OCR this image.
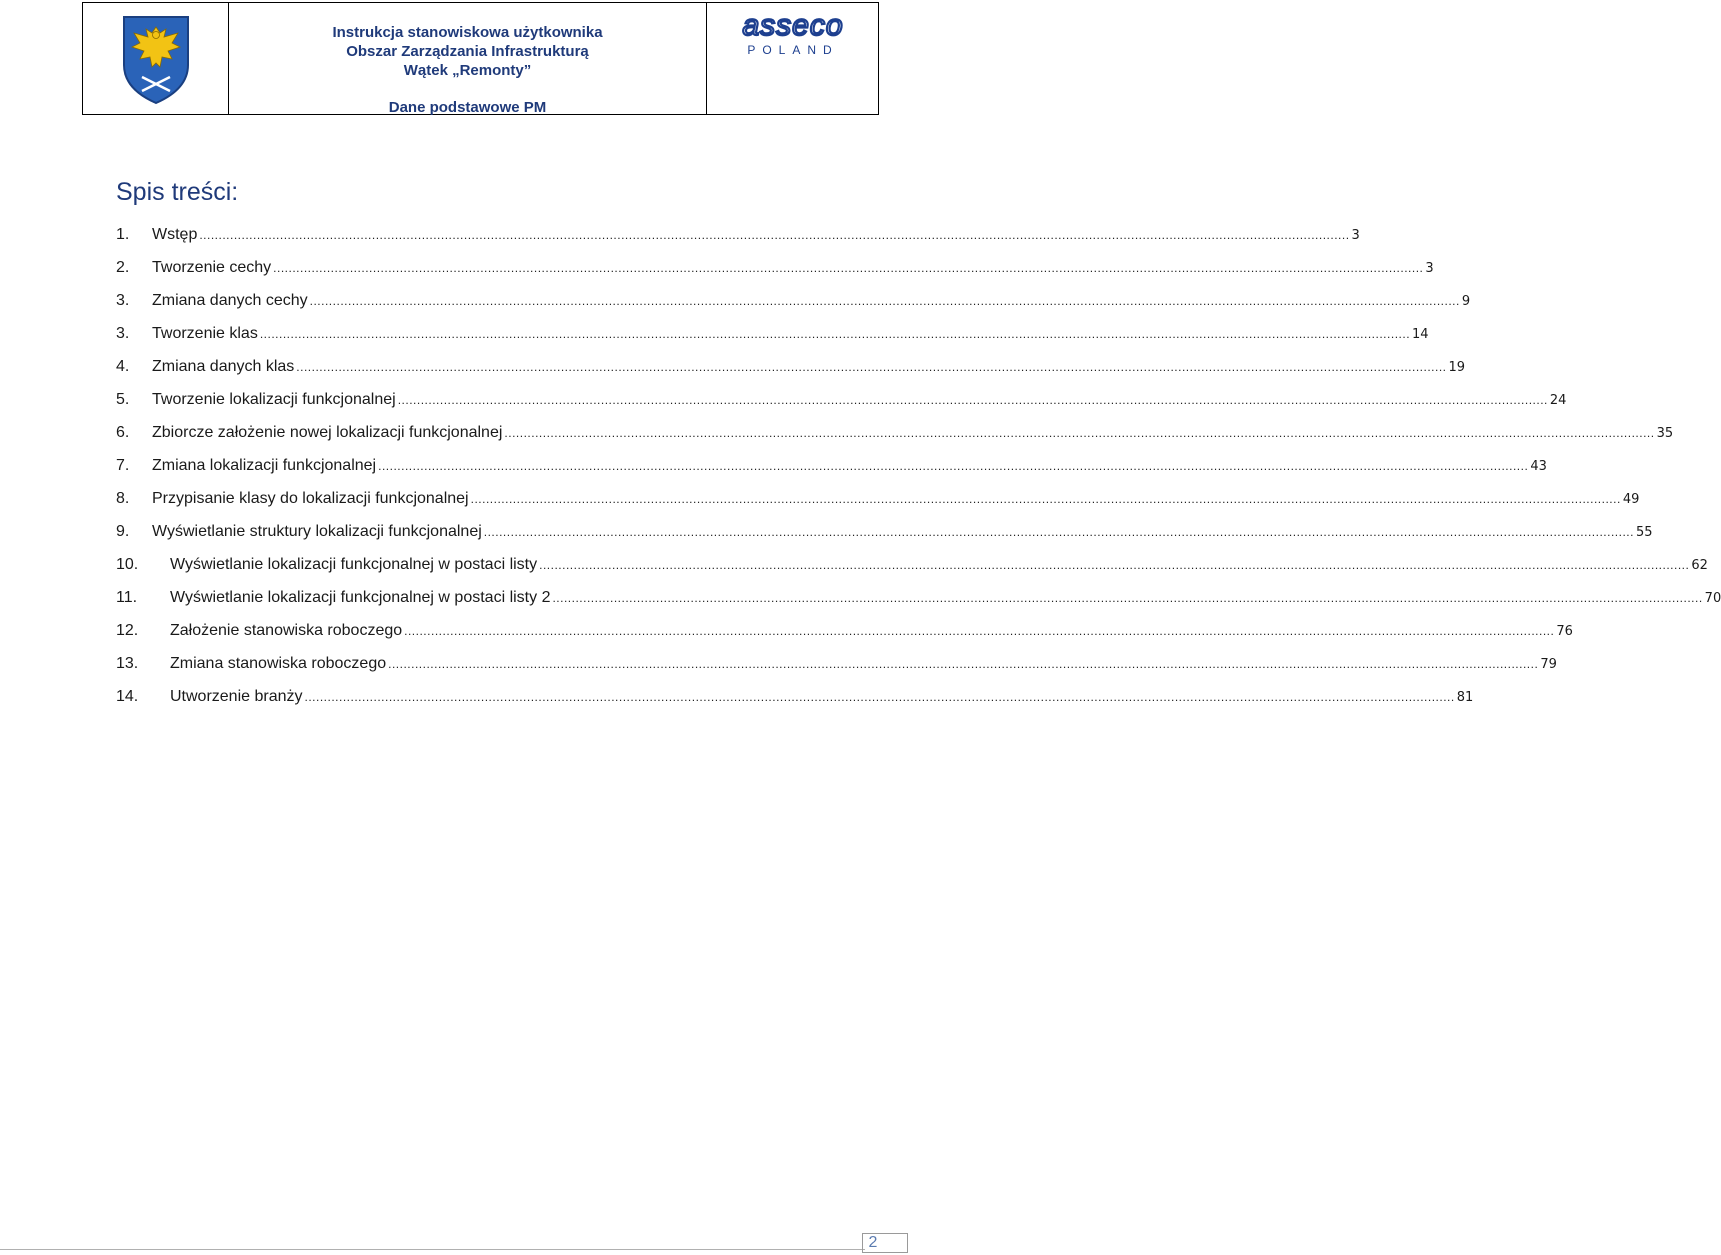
Instrukcja stanowiskowa użytkownika
Obszar Zarządzania Infrastrukturą
Wątek „Remonty”
Dane podstawowe PM
asseco
POLAND
Spis treści:
1.	Wstęp ............................................................................................................................................................................................................................................................................................................ 3
2.	Tworzenie cechy ............................................................................................................................................................................................................................................................................................................ 3
3.	Zmiana danych cechy ............................................................................................................................................................................................................................................................................................................ 9
3.	Tworzenie klas ............................................................................................................................................................................................................................................................................................................ 14
4.	Zmiana danych klas ............................................................................................................................................................................................................................................................................................................ 19
5.	Tworzenie lokalizacji funkcjonalnej ............................................................................................................................................................................................................................................................................................................ 24
6.	Zbiorcze założenie nowej lokalizacji funkcjonalnej ............................................................................................................................................................................................................................................................................................................ 35
7.	Zmiana lokalizacji funkcjonalnej ............................................................................................................................................................................................................................................................................................................ 43
8.	Przypisanie klasy do lokalizacji funkcjonalnej ............................................................................................................................................................................................................................................................................................................ 49
9.	Wyświetlanie struktury lokalizacji funkcjonalnej ............................................................................................................................................................................................................................................................................................................ 55
10.	Wyświetlanie lokalizacji funkcjonalnej w postaci listy ............................................................................................................................................................................................................................................................................................................ 62
11.	Wyświetlanie lokalizacji funkcjonalnej w postaci listy 2 ............................................................................................................................................................................................................................................................................................................ 70
12.	Założenie stanowiska roboczego ............................................................................................................................................................................................................................................................................................................ 76
13.	Zmiana stanowiska roboczego ............................................................................................................................................................................................................................................................................................................ 79
14.	Utworzenie branży ............................................................................................................................................................................................................................................................................................................ 81
2
